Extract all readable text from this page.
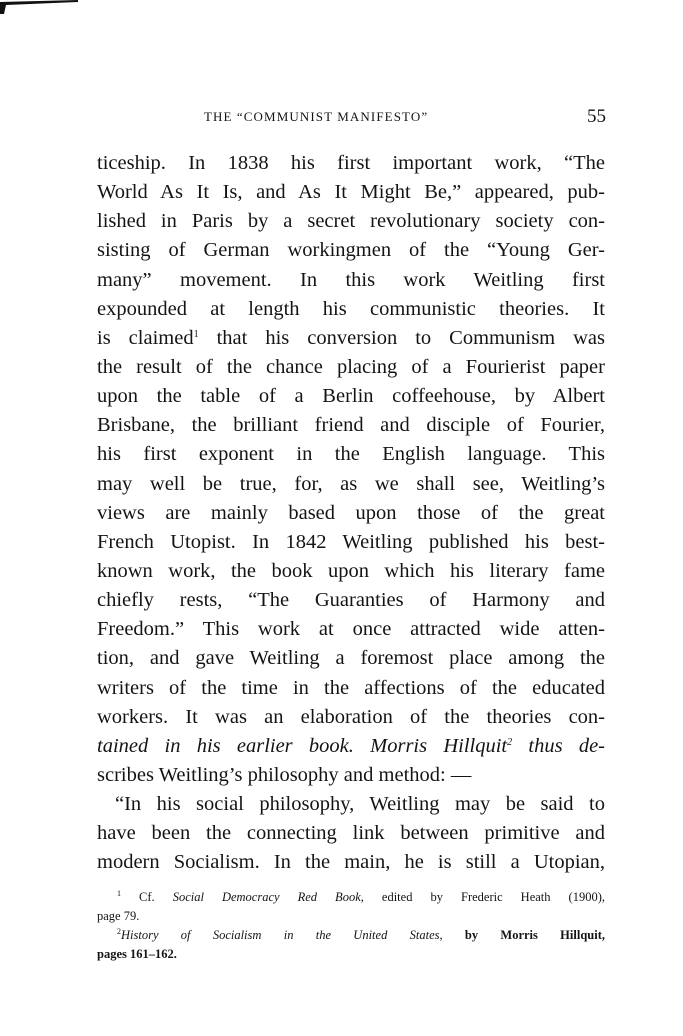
THE “COMMUNIST MANIFESTO”	55
ticeship. In 1838 his first important work, “The
World As It Is, and As It Might Be,” appeared, pub-
lished in Paris by a secret revolutionary society con-
sisting of German workingmen of the “Young Ger-
many” movement. In this work Weitling first
expounded at length his communistic theories. It
is claimed$^1$ that his conversion to Communism was
the result of the chance placing of a Fourierist paper
upon the table of a Berlin coffeehouse, by Albert
Brisbane, the brilliant friend and disciple of Fourier,
his first exponent in the English language. This
may well be true, for, as we shall see, Weitling’s
views are mainly based upon those of the great
French Utopist. In 1842 Weitling published his best-
known work, the book upon which his literary fame
chiefly rests, “The Guaranties of Harmony and
Freedom.” This work at once attracted wide atten-
tion, and gave Weitling a foremost place among the
writers of the time in the affections of the educated
workers. It was an elaboration of the theories con-
tained in his earlier book. Morris Hillquit$^2$ thus de-
scribes Weitling’s philosophy and method: —
“In his social philosophy, Weitling may be said to
have been the connecting link between primitive and
modern Socialism. In the main, he is still a Utopian,
$^1$ Cf. Social Democracy Red Book, edited by Frederic Heath (1900),
page 79.
$^2$History of Socialism in the United States, by Morris Hillquit,
pages 161–162.
